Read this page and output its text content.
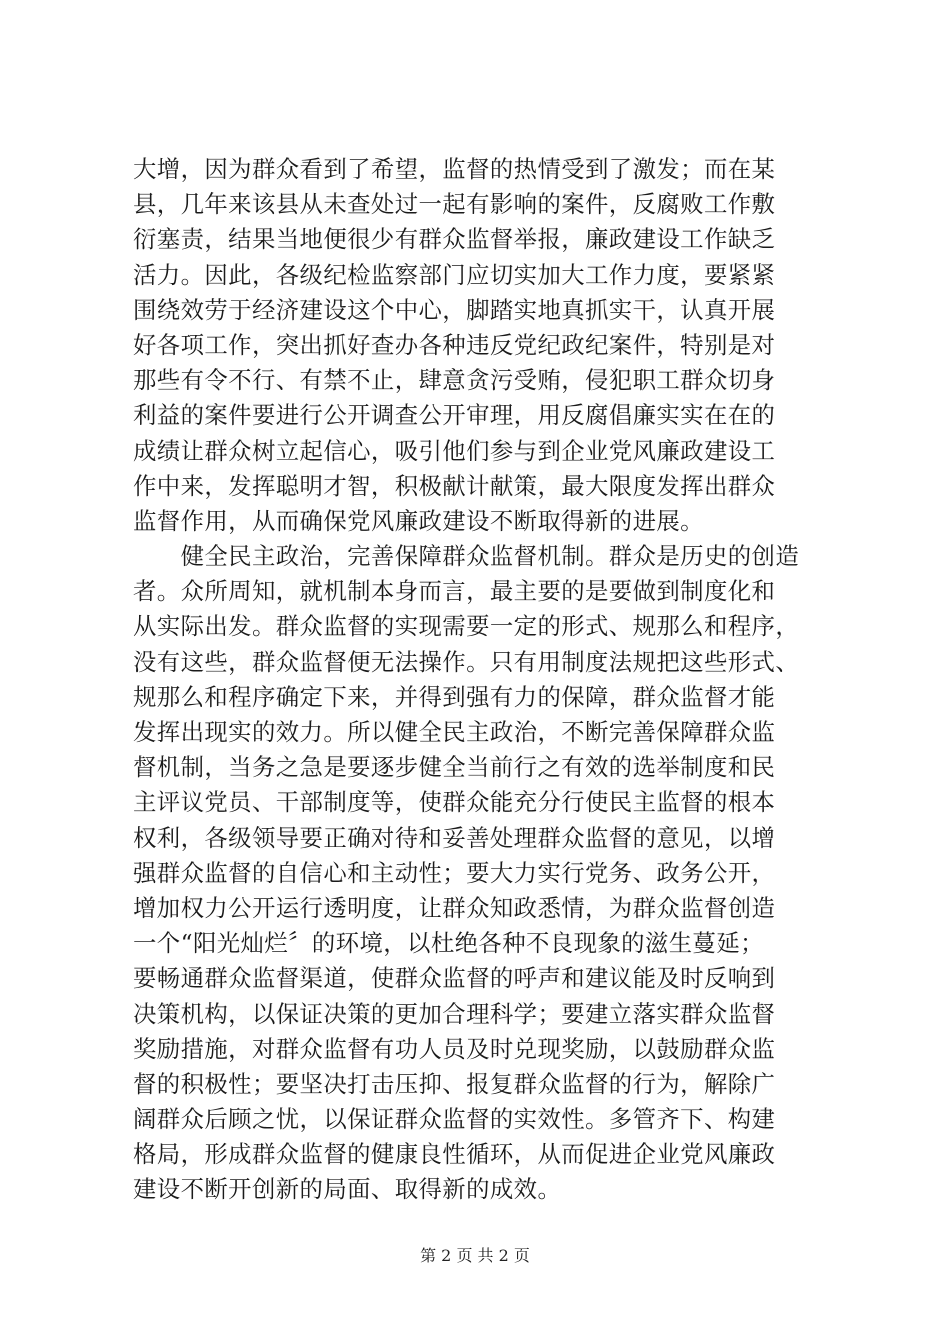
大增，因为群众看到了希望，监督的热情受到了激发；而在某
县，几年来该县从未查处过一起有影响的案件，反腐败工作敷
衍塞责，结果当地便很少有群众监督举报，廉政建设工作缺乏
活力。因此，各级纪检监察部门应切实加大工作力度，要紧紧
围绕效劳于经济建设这个中心，脚踏实地真抓实干，认真开展
好各项工作，突出抓好查办各种违反党纪政纪案件，特别是对
那些有令不行、有禁不止，肆意贪污受贿，侵犯职工群众切身
利益的案件要进行公开调查公开审理，用反腐倡廉实实在在的
成绩让群众树立起信心，吸引他们参与到企业党风廉政建设工
作中来，发挥聪明才智，积极献计献策，最大限度发挥出群众
监督作用，从而确保党风廉政建设不断取得新的进展。
　　健全民主政治，完善保障群众监督机制。群众是历史的创造
者。众所周知，就机制本身而言，最主要的是要做到制度化和
从实际出发。群众监督的实现需要一定的形式、规那么和程序，
没有这些，群众监督便无法操作。只有用制度法规把这些形式、
规那么和程序确定下来，并得到强有力的保障，群众监督才能
发挥出现实的效力。所以健全民主政治，不断完善保障群众监
督机制，当务之急是要逐步健全当前行之有效的选举制度和民
主评议党员、干部制度等，使群众能充分行使民主监督的根本
权利，各级领导要正确对待和妥善处理群众监督的意见，以增
强群众监督的自信心和主动性；要大力实行党务、政务公开，
增加权力公开运行透明度，让群众知政悉情，为群众监督创造
一个“阳光灿烂〞的环境，以杜绝各种不良现象的滋生蔓延；
要畅通群众监督渠道，使群众监督的呼声和建议能及时反响到
决策机构，以保证决策的更加合理科学；要建立落实群众监督
奖励措施，对群众监督有功人员及时兑现奖励，以鼓励群众监
督的积极性；要坚决打击压抑、报复群众监督的行为，解除广
阔群众后顾之忧，以保证群众监督的实效性。多管齐下、构建
格局，形成群众监督的健康良性循环，从而促进企业党风廉政
建设不断开创新的局面、取得新的成效。
第 2 页 共 2 页
